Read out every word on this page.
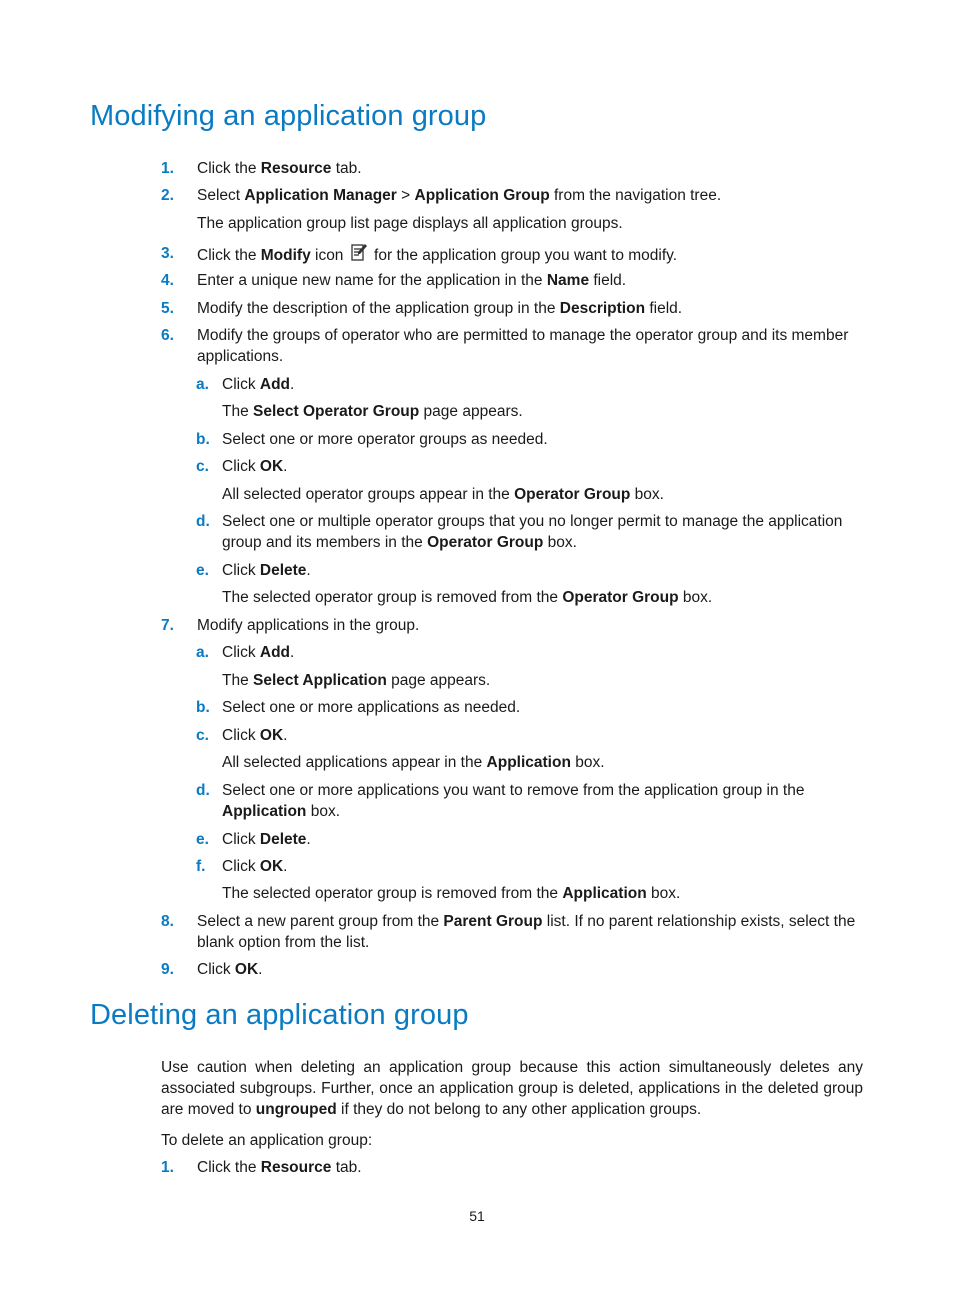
Modifying an application group
1. Click the Resource tab.
2. Select Application Manager > Application Group from the navigation tree.
The application group list page displays all application groups.
3. Click the Modify icon  for the application group you want to modify.
4. Enter a unique new name for the application in the Name field.
5. Modify the description of the application group in the Description field.
6. Modify the groups of operator who are permitted to manage the operator group and its member
applications.
a. Click Add.
The Select Operator Group page appears.
b. Select one or more operator groups as needed.
c. Click OK.
All selected operator groups appear in the Operator Group box.
d. Select one or multiple operator groups that you no longer permit to manage the application
group and its members in the Operator Group box.
e. Click Delete.
The selected operator group is removed from the Operator Group box.
7. Modify applications in the group.
a. Click Add.
The Select Application page appears.
b. Select one or more applications as needed.
c. Click OK.
All selected applications appear in the Application box.
d. Select one or more applications you want to remove from the application group in the
Application box.
e. Click Delete.
f. Click OK.
The selected operator group is removed from the Application box.
8. Select a new parent group from the Parent Group list. If no parent relationship exists, select the
blank option from the list.
9. Click OK.
Deleting an application group
Use caution when deleting an application group because this action simultaneously deletes any
associated subgroups. Further, once an application group is deleted, applications in the deleted group
are moved to ungrouped if they do not belong to any other application groups.
To delete an application group:
1. Click the Resource tab.
51
